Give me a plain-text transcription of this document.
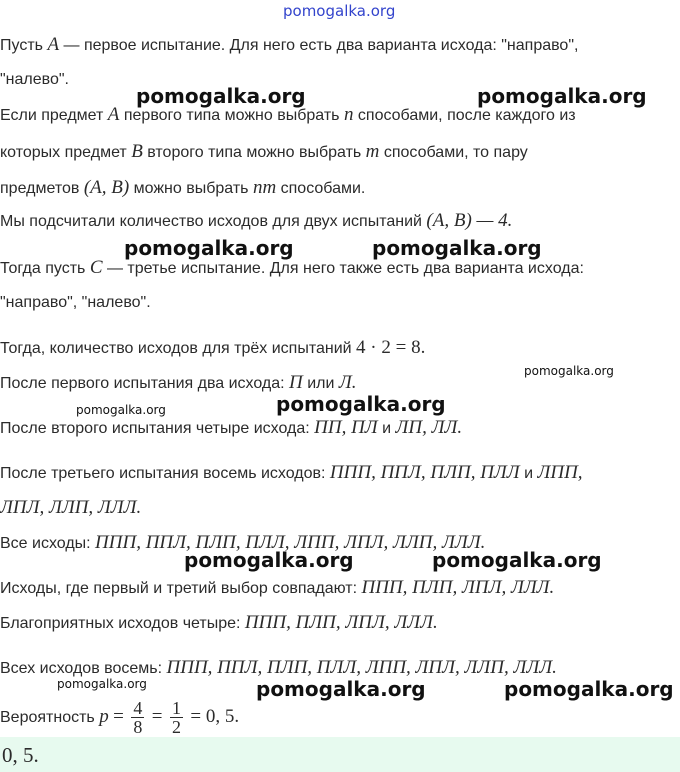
pomogalka.org
Пусть A — первое испытание. Для него есть два варианта исхода: "направо",
"налево".
Если предмет A первого типа можно выбрать n способами, после каждого из
которых предмет B второго типа можно выбрать m способами, то пару
предметов (A, B) можно выбрать nm способами.
Мы подсчитали количество исходов для двух испытаний (A, B) — 4.
Тогда пусть C — третье испытание. Для него также есть два варианта исхода:
"направо", "налево".
Тогда, количество исходов для трёх испытаний 4 · 2 = 8.
После первого испытания два исхода: П или Л.
После второго испытания четыре исхода: ПП, ПЛ и ЛП, ЛЛ.
После третьего испытания восемь исходов: ППП, ППЛ, ПЛП, ПЛЛ и ЛПП,
ЛПЛ, ЛЛП, ЛЛЛ.
Все исходы: ППП, ППЛ, ПЛП, ПЛЛ, ЛПП, ЛПЛ, ЛЛП, ЛЛЛ.
Исходы, где первый и третий выбор совпадают: ППП, ПЛП, ЛПЛ, ЛЛЛ.
Благоприятных исходов четыре: ППП, ПЛП, ЛПЛ, ЛЛЛ.
Всех исходов восемь: ППП, ППЛ, ПЛП, ПЛЛ, ЛПП, ЛПЛ, ЛЛП, ЛЛЛ.
Вероятность $p = \frac{4}{8} = \frac{1}{2} = 0$, 5.
0, 5.
pomogalka.org	pomogalka.org
pomogalka.org	pomogalka.org
pomogalka.org
pomogalka.org
pomogalka.org
pomogalka.org	pomogalka.org
pomogalka.org	pomogalka.org	pomogalka.org
